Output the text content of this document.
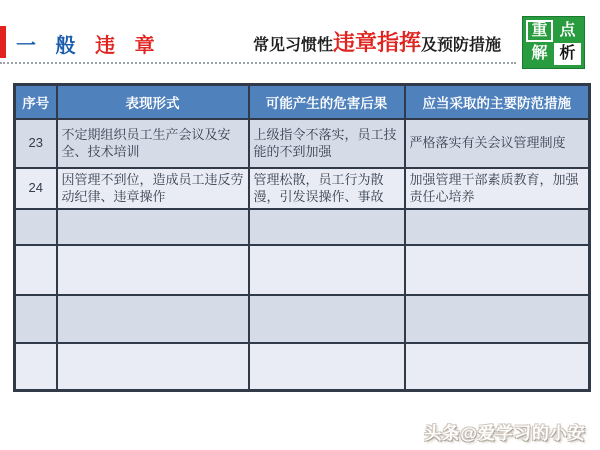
一 般 违 章	常见习惯性 违章指挥 及预防措施
重 点
解 析
序号	表现形式	可能产生的危害后果	应当采取的主要防范措施
23	不定期组织员工生产会议及安全、技术培训	上级指令不落实，员工技能的不到加强	严格落实有关会议管理制度
24	因管理不到位，造成员工违反劳动纪律、违章操作	管理松散，员工行为散漫，引发误操作、事故	加强管理干部素质教育，加强责任心培养

头条@爱学习的小安
